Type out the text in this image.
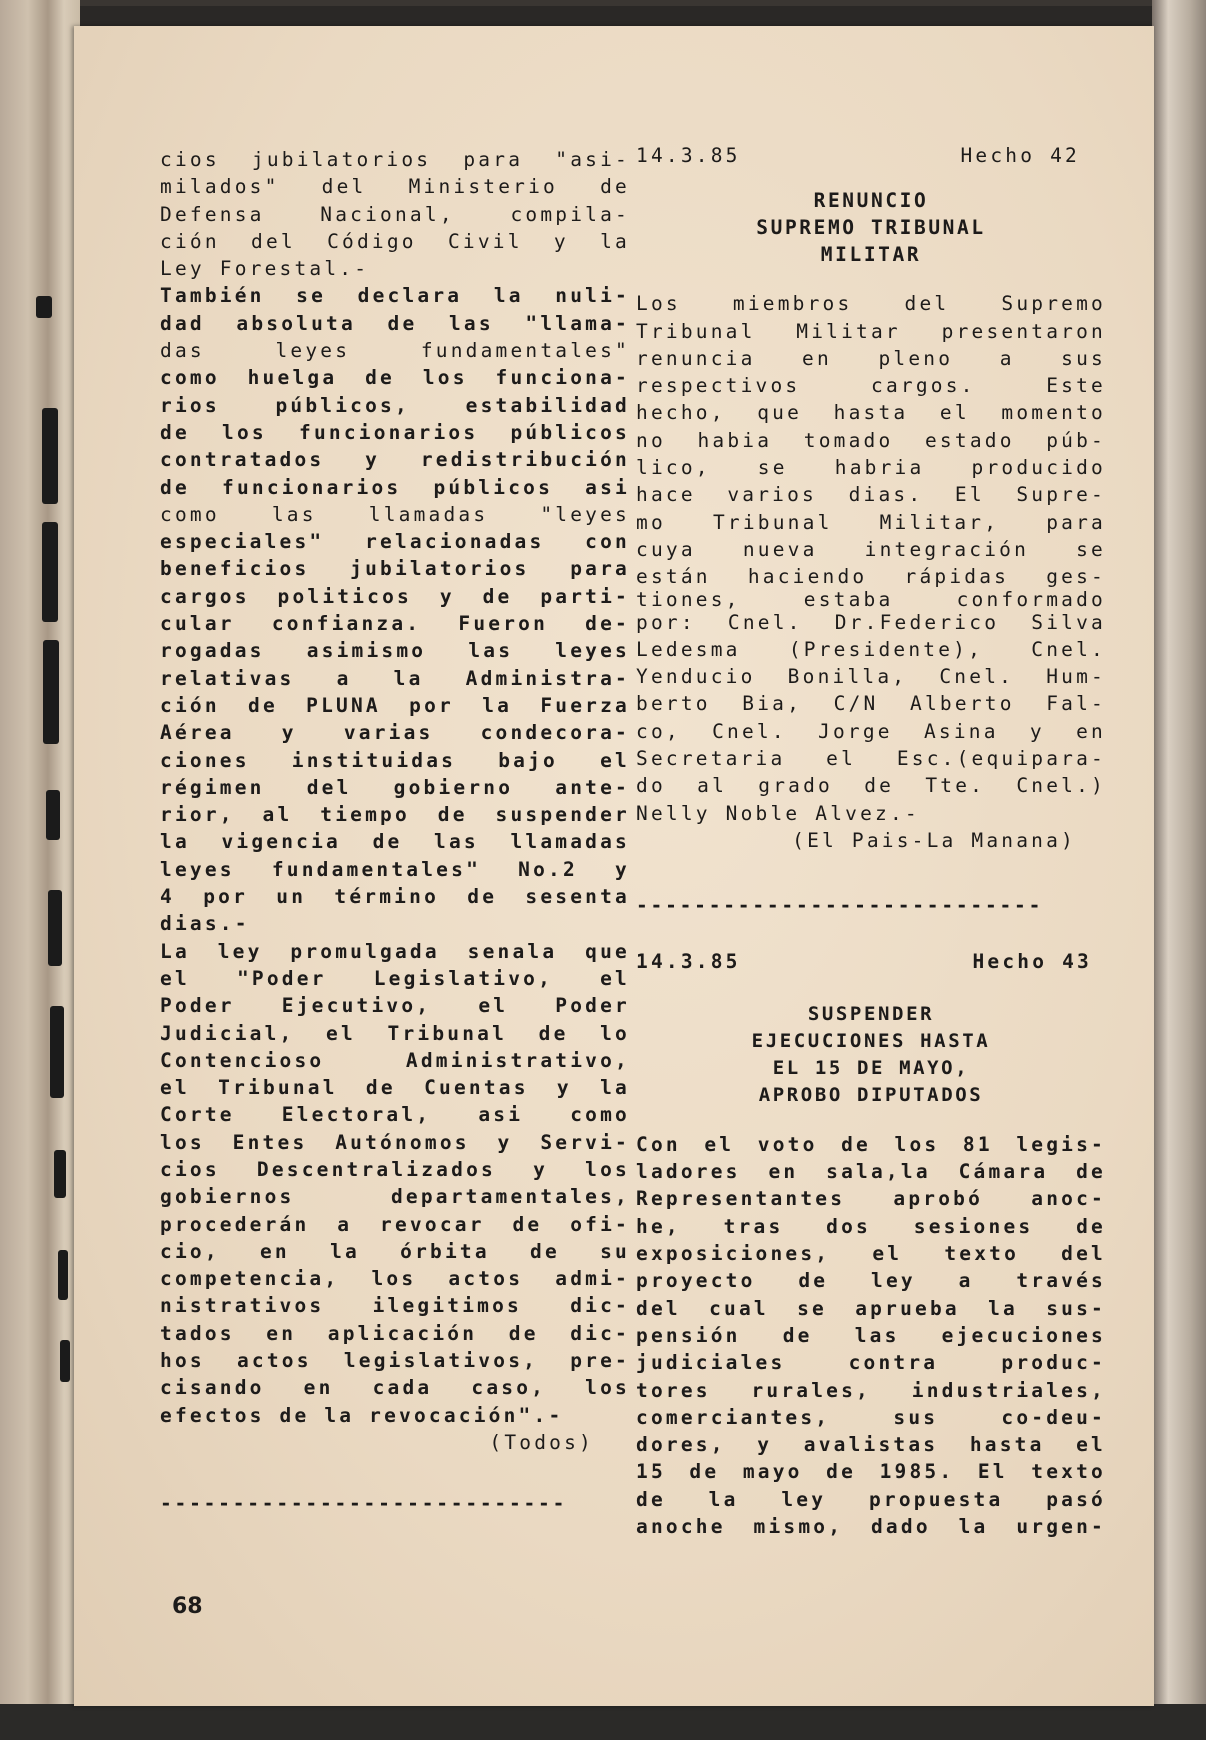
cios jubilatorios para "asi-
milados" del Ministerio de
Defensa Nacional, compila-
ción del Código Civil y la
Ley Forestal.-
También se declara la nuli-
dad absoluta de las "llama-
das leyes fundamentales"
como huelga de los funciona-
rios públicos, estabilidad
de los funcionarios públicos
contratados y redistribución
de funcionarios públicos asi
como las llamadas "leyes
especiales" relacionadas con
beneficios jubilatorios para
cargos politicos y de parti-
cular confianza. Fueron de-
rogadas asimismo las leyes
relativas a la Administra-
ción de PLUNA por la Fuerza
Aérea y varias condecora-
ciones instituidas bajo el
régimen del gobierno ante-
rior, al tiempo de suspender
la vigencia de las llamadas
leyes fundamentales" No.2 y
4 por un término de sesenta
dias.-
La ley promulgada senala que
el "Poder Legislativo, el
Poder Ejecutivo, el Poder
Judicial, el Tribunal de lo
Contencioso Administrativo,
el Tribunal de Cuentas y la
Corte Electoral, asi como
los Entes Autónomos y Servi-
cios Descentralizados y los
gobiernos departamentales,
procederán a revocar de ofi-
cio, en la órbita de su
competencia, los actos admi-
nistrativos ilegitimos dic-
tados en aplicación de dic-
hos actos legislativos, pre-
cisando en cada caso, los
efectos de la revocación".-
(Todos)
----------------------------
14.3.85	Hecho 42
RENUNCIO
SUPREMO TRIBUNAL
MILITAR
Los miembros del Supremo
Tribunal Militar presentaron
renuncia en pleno a sus
respectivos cargos. Este
hecho, que hasta el momento
no habia tomado estado púb-
lico, se habria producido
hace varios dias. El Supre-
mo Tribunal Militar, para
cuya nueva integración se
están haciendo rápidas ges-
tiones, estaba conformado
por: Cnel. Dr.Federico Silva
Ledesma (Presidente), Cnel.
Yenducio Bonilla, Cnel. Hum-
berto Bia, C/N Alberto Fal-
co, Cnel. Jorge Asina y en
Secretaria el Esc.(equipara-
do al grado de Tte. Cnel.)
Nelly Noble Alvez.-
(El Pais-La Manana)
----------------------------
14.3.85	Hecho 43
SUSPENDER
EJECUCIONES HASTA
EL 15 DE MAYO,
APROBO DIPUTADOS
Con el voto de los 81 legis-
ladores en sala,la Cámara de
Representantes aprobó anoc-
he, tras dos sesiones de
exposiciones, el texto del
proyecto de ley a través
del cual se aprueba la sus-
pensión de las ejecuciones
judiciales contra produc-
tores rurales, industriales,
comerciantes, sus co-deu-
dores, y avalistas hasta el
15 de mayo de 1985. El texto
de la ley propuesta pasó
anoche mismo, dado la urgen-
68
